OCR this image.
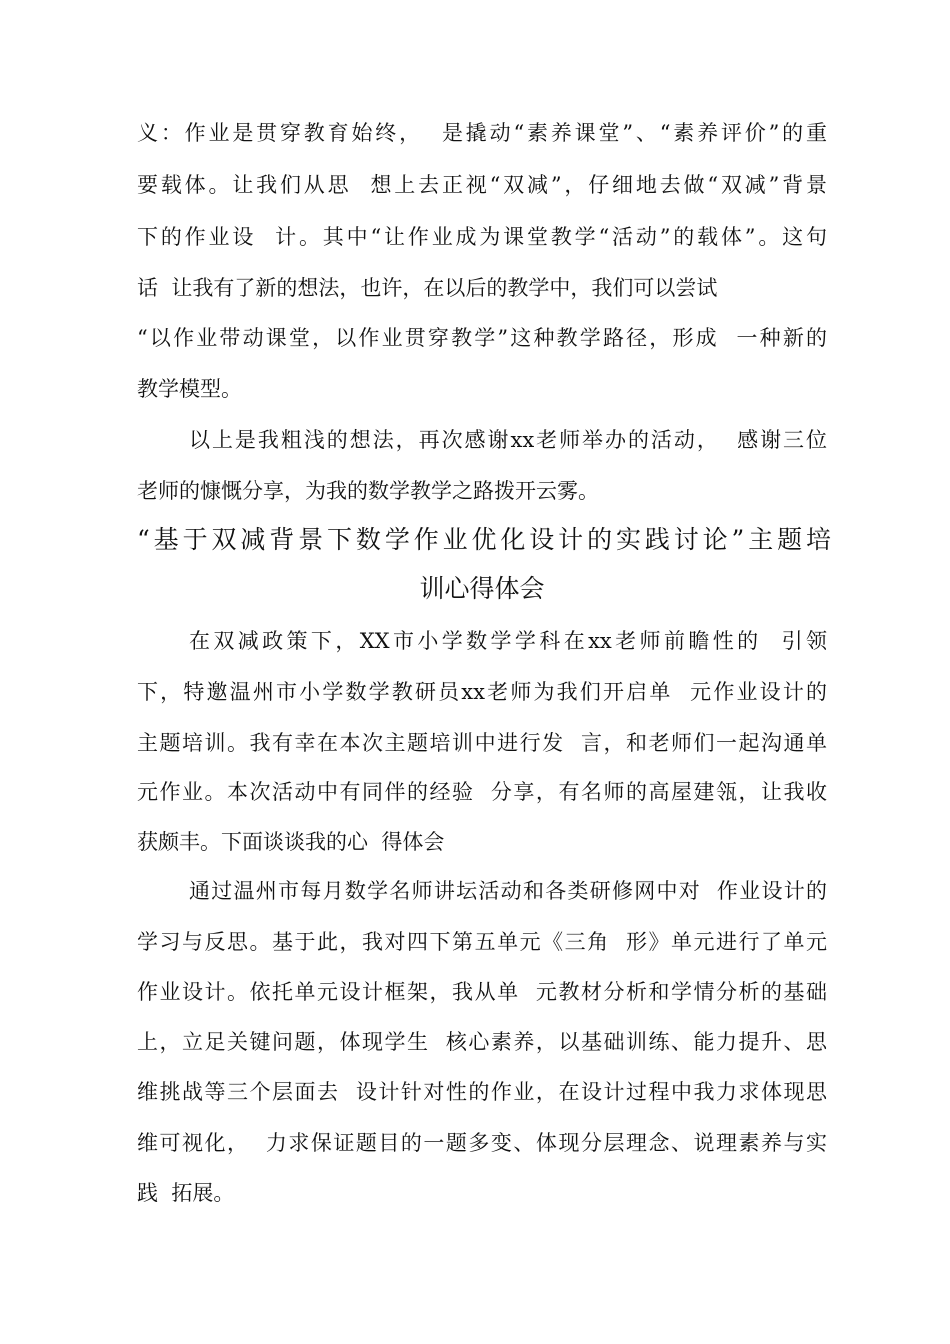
义：作业是贯穿教育始终，  是撬动“素养课堂”、“素养评价”的重
要载体。让我们从思  想上去正视“双减”，仔细地去做“双减”背景
下的作业设  计。其中“让作业成为课堂教学“活动”的载体”。这句
话  让我有了新的想法，也许，在以后的教学中，我们可以尝试
“以作业带动课堂，以作业贯穿教学”这种教学路径，形成  一种新的
教学模型。
以上是我粗浅的想法，再次感谢xx老师举办的活动，  感谢三位
老师的慷慨分享，为我的数学教学之路拨开云雾。
“基于双减背景下数学作业优化设计的实践讨论”主题培
训心得体会
在双减政策下，XX市小学数学学科在xx老师前瞻性的  引领
下，特邀温州市小学数学教研员xx老师为我们开启单  元作业设计的
主题培训。我有幸在本次主题培训中进行发  言，和老师们一起沟通单
元作业。本次活动中有同伴的经验  分享，有名师的高屋建瓴，让我收
获颇丰。下面谈谈我的心  得体会
通过温州市每月数学名师讲坛活动和各类研修网中对  作业设计的
学习与反思。基于此，我对四下第五单元《三角  形》单元进行了单元
作业设计。依托单元设计框架，我从单  元教材分析和学情分析的基础
上，立足关键问题，体现学生  核心素养，以基础训练、能力提升、思
维挑战等三个层面去  设计针对性的作业，在设计过程中我力求体现思
维可视化，  力求保证题目的一题多变、体现分层理念、说理素养与实
践  拓展。
